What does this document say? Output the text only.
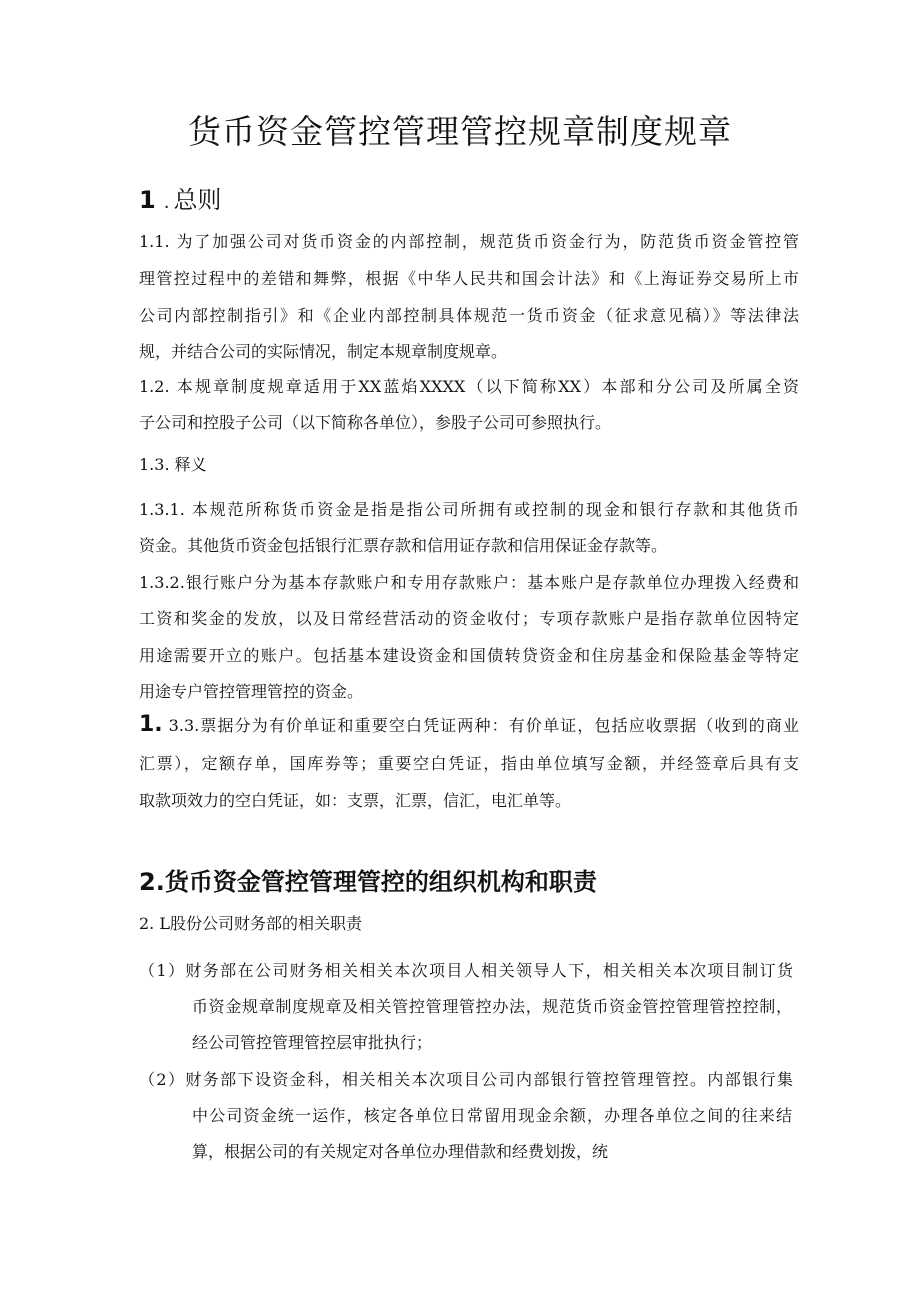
货币资金管控管理管控规章制度规章
1 . 总则
1.1. 为了加强公司对货币资金的内部控制，规范货币资金行为，防范货币资金管控管
理管控过程中的差错和舞弊，根据《中华人民共和国会计法》和《上海证券交易所上市
公司内部控制指引》和《企业内部控制具体规范一货币资金（征求意见稿）》等法律法
规，并结合公司的实际情况，制定本规章制度规章。
1.2. 本规章制度规章适用于XX蓝焰XXXX（以下简称XX）本部和分公司及所属全资
子公司和控股子公司（以下简称各单位），参股子公司可参照执行。
1.3. 释义
1.3.1. 本规范所称货币资金是指是指公司所拥有或控制的现金和银行存款和其他货币
资金。其他货币资金包括银行汇票存款和信用证存款和信用保证金存款等。
1.3.2.银行账户分为基本存款账户和专用存款账户：基本账户是存款单位办理拨入经费和
工资和奖金的发放，以及日常经营活动的资金收付；专项存款账户是指存款单位因特定
用途需要开立的账户。包括基本建设资金和国债转贷资金和住房基金和保险基金等特定
用途专户管控管理管控的资金。
1. 3.3.票据分为有价单证和重要空白凭证两种：有价单证，包括应收票据（收到的商业
汇票），定额存单，国库券等；重要空白凭证，指由单位填写金额，并经签章后具有支
取款项效力的空白凭证，如：支票，汇票，信汇，电汇单等。
2.货币资金管控管理管控的组织机构和职责
2. L股份公司财务部的相关职责
（1）财务部在公司财务相关相关本次项目人相关领导人下，相关相关本次项目制订货
币资金规章制度规章及相关管控管理管控办法，规范货币资金管控管理管控控制，
经公司管控管理管控层审批执行；
（2）财务部下设资金科，相关相关本次项目公司内部银行管控管理管控。内部银行集
中公司资金统一运作，核定各单位日常留用现金余额，办理各单位之间的往来结
算，根据公司的有关规定对各单位办理借款和经费划拨，统
